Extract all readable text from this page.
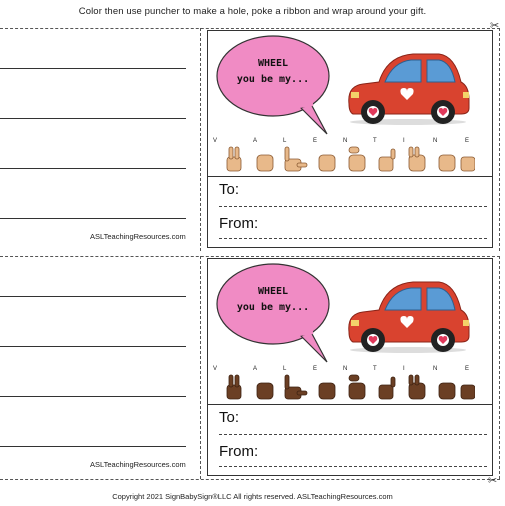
Color then use puncher to make a hole, poke a ribbon and wrap around your gift.
✂
ASLTeachingResources.com
WHEEL
you be my...
V	A	L	E	N	T	I	N	E
To:
From:
✂
ASLTeachingResources.com
WHEEL
you be my...
V	A	L	E	N	T	I	N	E
To:
From:
Copyright 2021 SignBabySign®LLC All rights reserved. ASLTeachingResources.com
